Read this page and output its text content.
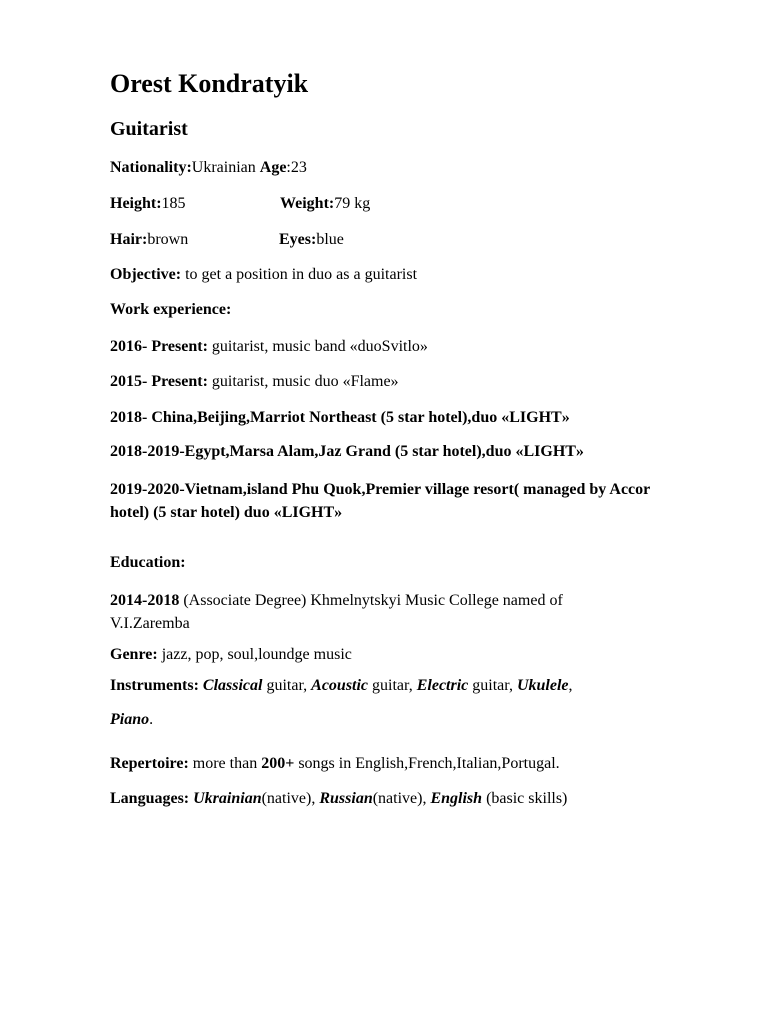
Orest Kondratyik
Guitarist
Nationality:Ukrainian Age:23
Height:185	Weight:79 kg
Hair:brown	Eyes:blue
Objective: to get a position in duo as a guitarist
Work experience:
2016- Present: guitarist, music band «duoSvitlo»
2015- Present: guitarist, music duo «Flame»
2018- China,Beijing,Marriot Northeast (5 star hotel),duo «LIGHT»
2018-2019-Egypt,Marsa Alam,Jaz Grand (5 star hotel),duo «LIGHT»
2019-2020-Vietnam,island Phu Quok,Premier village resort( managed by Accor hotel) (5 star hotel) duo «LIGHT»
Education:
2014-2018 (Associate Degree) Khmelnytskyi Music College named of V.I.Zaremba
Genre: jazz, pop, soul,loundge music
Instruments: Classical guitar, Acoustic guitar, Electric guitar, Ukulele,
Piano.
Repertoire: more than 200+ songs in English,French,Italian,Portugal.
Languages: Ukrainian(native), Russian(native), English (basic skills)
